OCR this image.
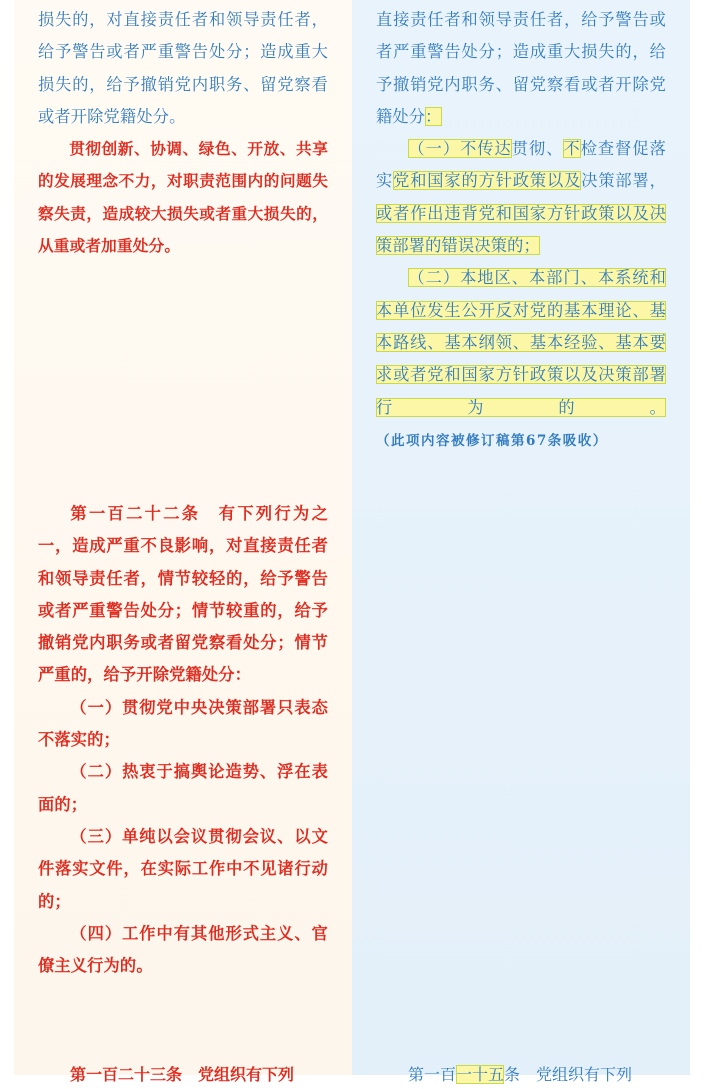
损失的，对直接责任者和领导责任者，给予警告或者严重警告处分；造成重大损失的，给予撤销党内职务、留党察看或者开除党籍处分。

贯彻创新、协调、绿色、开放、共享的发展理念不力，对职责范围内的问题失察失责，造成较大损失或者重大损失的，从重或者加重处分。

第一百二十二条 有下列行为之一，造成严重不良影响，对直接责任者和领导责任者，情节较轻的，给予警告或者严重警告处分；情节较重的，给予撤销党内职务或者留党察看处分；情节严重的，给予开除党籍处分：

（一）贯彻党中央决策部署只表态不落实的；

（二）热衷于搞舆论造势、浮在表面的；

（三）单纯以会议贯彻会议、以文件落实文件，在实际工作中不见诸行动的；

（四）工作中有其他形式主义、官僚主义行为的。

第一百二十三条　党组织有下列

直接责任者和领导责任者，给予警告或者严重警告处分；造成重大损失的，给予撤销党内职务、留党察看或者开除党籍处分：

（一）不传达贯彻、不检查督促落实党和国家的方针政策以及决策部署，或者作出违背党和国家方针政策以及决策部署的错误决策的；

（二）本地区、本部门、本系统和本单位发生公开反对党的基本理论、基本路线、基本纲领、基本经验、基本要求或者党和国家方针政策以及决策部署行为的。（此项内容被修订稿第67条吸收）

第一百一十五条　党组织有下列
